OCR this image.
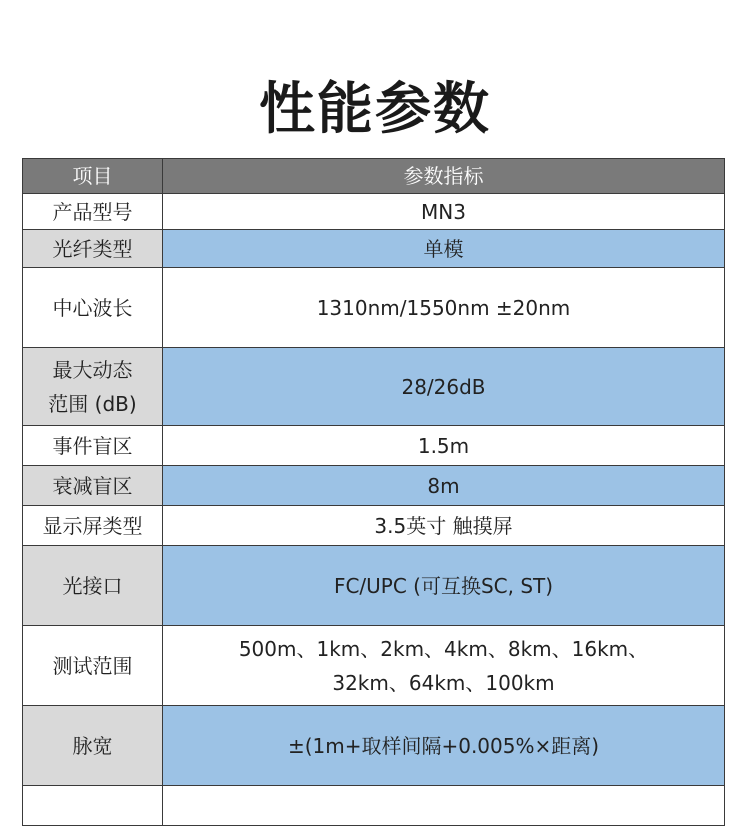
性能参数
项目	参数指标
产品型号	MN3
光纤类型	单模
中心波长	1310nm/1550nm ±20nm

最大动态
范围 (dB)	28/26dB
事件盲区	1.5m
衰减盲区	8m
显示屏类型	3.5英寸 触摸屏
光接口	FC/UPC (可互换SC, ST)
测试范围	500m、1km、2km、4km、8km、16km、
32km、64km、100km

脉宽	±(1m+取样间隔+0.005%×距离)
